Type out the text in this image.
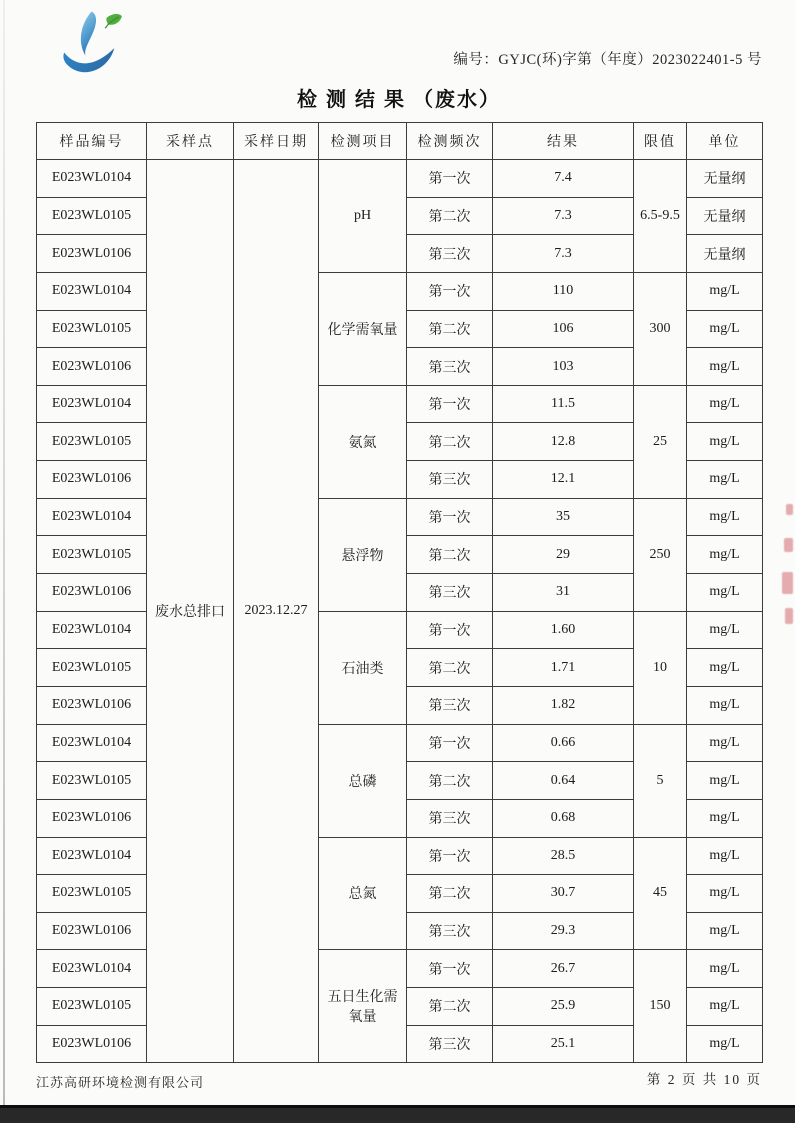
编号：GYJC(环)字第（年度）2023022401-5 号
检 测 结 果 （废水）
样品编号	采样点	采样日期	检测项目	检测频次	结果	限值	单位
E023WL0104	废水总排口	2023.12.27	pH	第一次	7.4	6.5-9.5	无量纲
E023WL0105				第二次	7.3		无量纲
E023WL0106				第三次	7.3		无量纲
E023WL0104			化学需氧量	第一次	110	300	mg/L
E023WL0105				第二次	106		mg/L
E023WL0106				第三次	103		mg/L
E023WL0104			氨氮	第一次	11.5	25	mg/L
E023WL0105				第二次	12.8		mg/L
E023WL0106				第三次	12.1		mg/L
E023WL0104			悬浮物	第一次	35	250	mg/L
E023WL0105				第二次	29		mg/L
E023WL0106				第三次	31		mg/L
E023WL0104			石油类	第一次	1.60	10	mg/L
E023WL0105				第二次	1.71		mg/L
E023WL0106				第三次	1.82		mg/L
E023WL0104			总磷	第一次	0.66	5	mg/L
E023WL0105				第二次	0.64		mg/L
E023WL0106				第三次	0.68		mg/L
E023WL0104			总氮	第一次	28.5	45	mg/L
E023WL0105				第二次	30.7		mg/L
E023WL0106				第三次	29.3		mg/L
E023WL0104			五日生化需氧量	第一次	26.7	150	mg/L
E023WL0105				第二次	25.9		mg/L
E023WL0106				第三次	25.1		mg/L
江苏高研环境检测有限公司	第 2 页 共 10 页
